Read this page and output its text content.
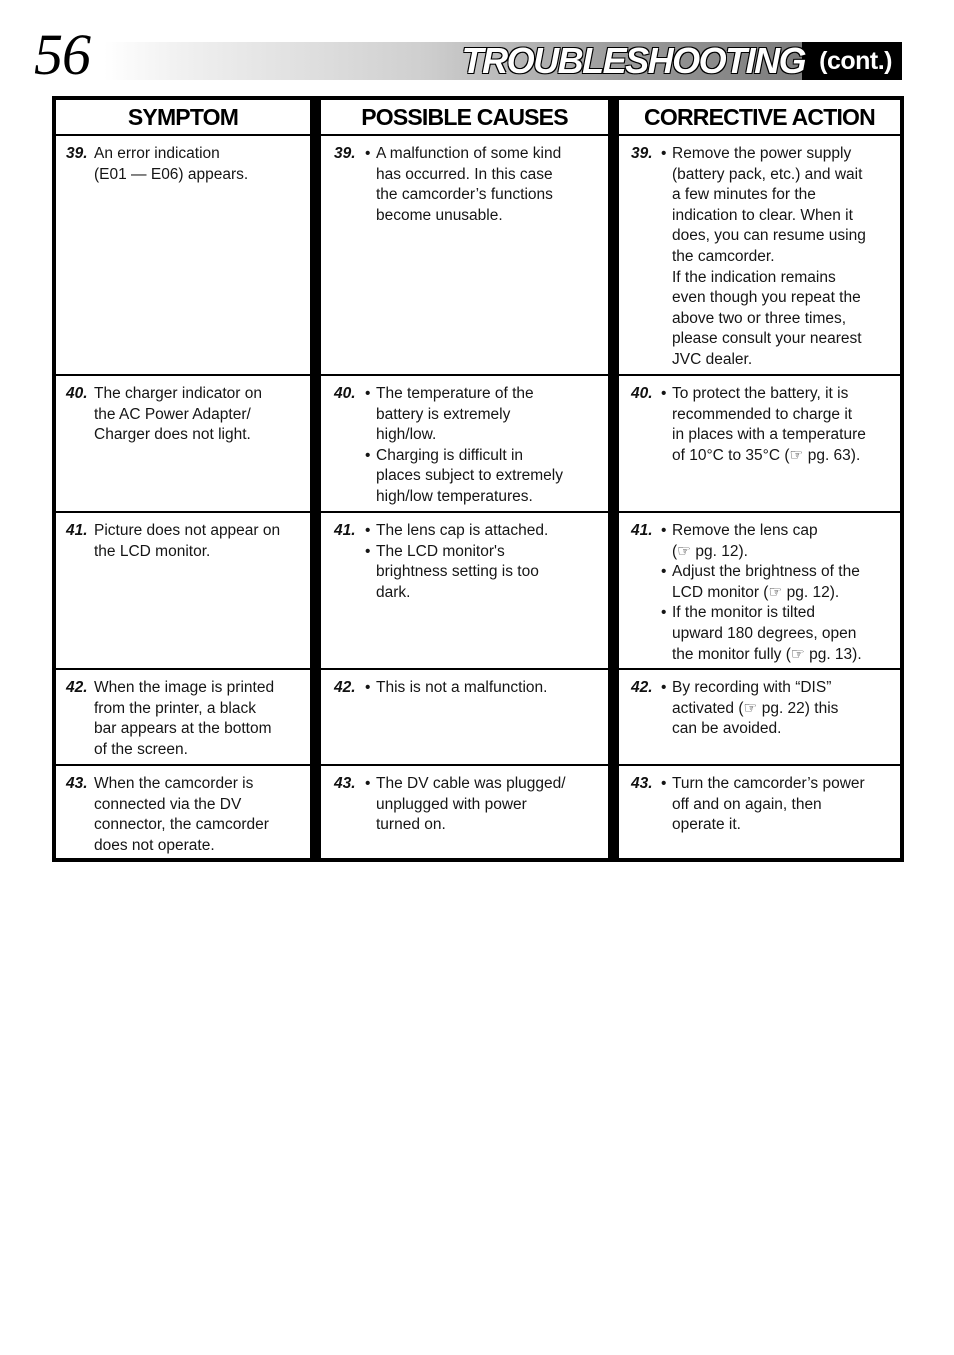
56	TROUBLESHOOTING (cont.)
SYMPTOM
39. An error indication
(E01 — E06) appears.
40. The charger indicator on
the AC Power Adapter/
Charger does not light.
41. Picture does not appear on
the LCD monitor.
42. When the image is printed
from the printer, a black
bar appears at the bottom
of the screen.
43. When the camcorder is
connected via the DV
connector, the camcorder
does not operate.
POSSIBLE CAUSES
39. • A malfunction of some kind
has occurred. In this case
the camcorder’s functions
become unusable.
40. • The temperature of the
battery is extremely
high/low.
• Charging is difficult in
places subject to extremely
high/low temperatures.
41. • The lens cap is attached.
• The LCD monitor's
brightness setting is too
dark.
42. • This is not a malfunction.
43. • The DV cable was plugged/
unplugged with power
turned on.
CORRECTIVE ACTION
39. • Remove the power supply
(battery pack, etc.) and wait
a few minutes for the
indication to clear. When it
does, you can resume using
the camcorder.
If the indication remains
even though you repeat the
above two or three times,
please consult your nearest
JVC dealer.
40. • To protect the battery, it is
recommended to charge it
in places with a temperature
of 10°C to 35°C (☞ pg. 63).
41. • Remove the lens cap
(☞ pg. 12).
• Adjust the brightness of the
LCD monitor (☞ pg. 12).
• If the monitor is tilted
upward 180 degrees, open
the monitor fully (☞ pg. 13).
42. • By recording with “DIS”
activated (☞ pg. 22) this
can be avoided.
43. • Turn the camcorder’s power
off and on again, then
operate it.
